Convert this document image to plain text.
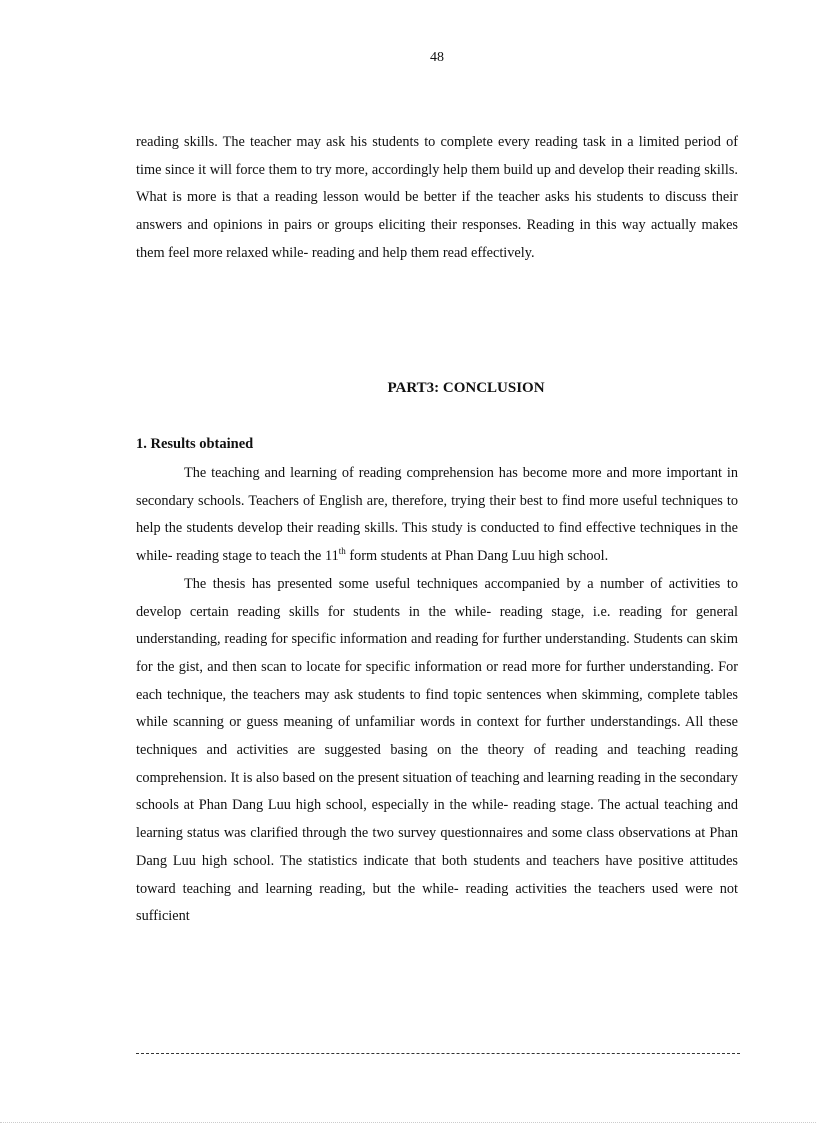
48

reading skills. The teacher may ask his students to complete every reading task in a limited period of time since it will force them to try more, accordingly help them build up and develop their reading skills. What is more is that a reading lesson would be better if the teacher asks his students to discuss their answers and opinions in pairs or groups eliciting their responses. Reading in this way actually makes them feel more relaxed while- reading and help them read effectively.

PART3: CONCLUSION
1. Results obtained

The teaching and learning of reading comprehension has become more and more important in secondary schools. Teachers of English are, therefore, trying their best to find more useful techniques to help the students develop their reading skills. This study is conducted to find effective techniques in the while- reading stage to teach the 11th form students at Phan Dang Luu high school.

The thesis has presented some useful techniques accompanied by a number of activities to develop certain reading skills for students in the while- reading stage, i.e. reading for general understanding, reading for specific information and reading for further understanding. Students can skim for the gist, and then scan to locate for specific information or read more for further understanding. For each technique, the teachers may ask students to find topic sentences when skimming, complete tables while scanning or guess meaning of unfamiliar words in context for further understandings. All these techniques and activities are suggested basing on the theory of reading and teaching reading comprehension. It is also based on the present situation of teaching and learning reading in the secondary schools at Phan Dang Luu high school, especially in the while- reading stage. The actual teaching and learning status was clarified through the two survey questionnaires and some class observations at Phan Dang Luu high school. The statistics indicate that both students and teachers have positive attitudes toward teaching and learning reading, but the while- reading activities the teachers used were not sufficient
